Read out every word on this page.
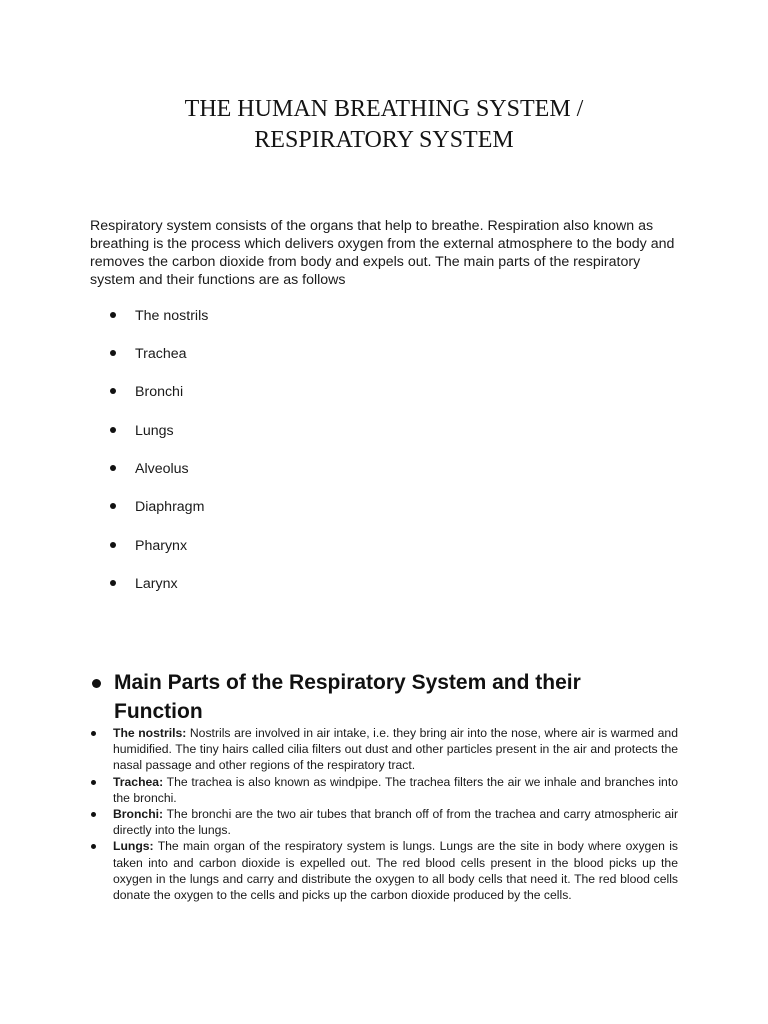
THE HUMAN BREATHING SYSTEM /
RESPIRATORY SYSTEM

Respiratory system consists of the organs that help to breathe. Respiration also known as breathing is the process which delivers oxygen from the external atmosphere to the body and removes the carbon dioxide from body and expels out. The main parts of the respiratory system and their functions are as follows

The nostrils
Trachea
Bronchi
Lungs
Alveolus
Diaphragm
Pharynx
Larynx
Main Parts of the Respiratory System and their Function
The nostrils: Nostrils are involved in air intake, i.e. they bring air into the nose, where air is warmed and humidified. The tiny hairs called cilia filters out dust and other particles present in the air and protects the nasal passage and other regions of the respiratory tract.
Trachea: The trachea is also known as windpipe. The trachea filters the air we inhale and branches into the bronchi.
Bronchi: The bronchi are the two air tubes that branch off of from the trachea and carry atmospheric air directly into the lungs.
Lungs: The main organ of the respiratory system is lungs. Lungs are the site in body where oxygen is taken into and carbon dioxide is expelled out. The red blood cells present in the blood picks up the oxygen in the lungs and carry and distribute the oxygen to all body cells that need it. The red blood cells donate the oxygen to the cells and picks up the carbon dioxide produced by the cells.
